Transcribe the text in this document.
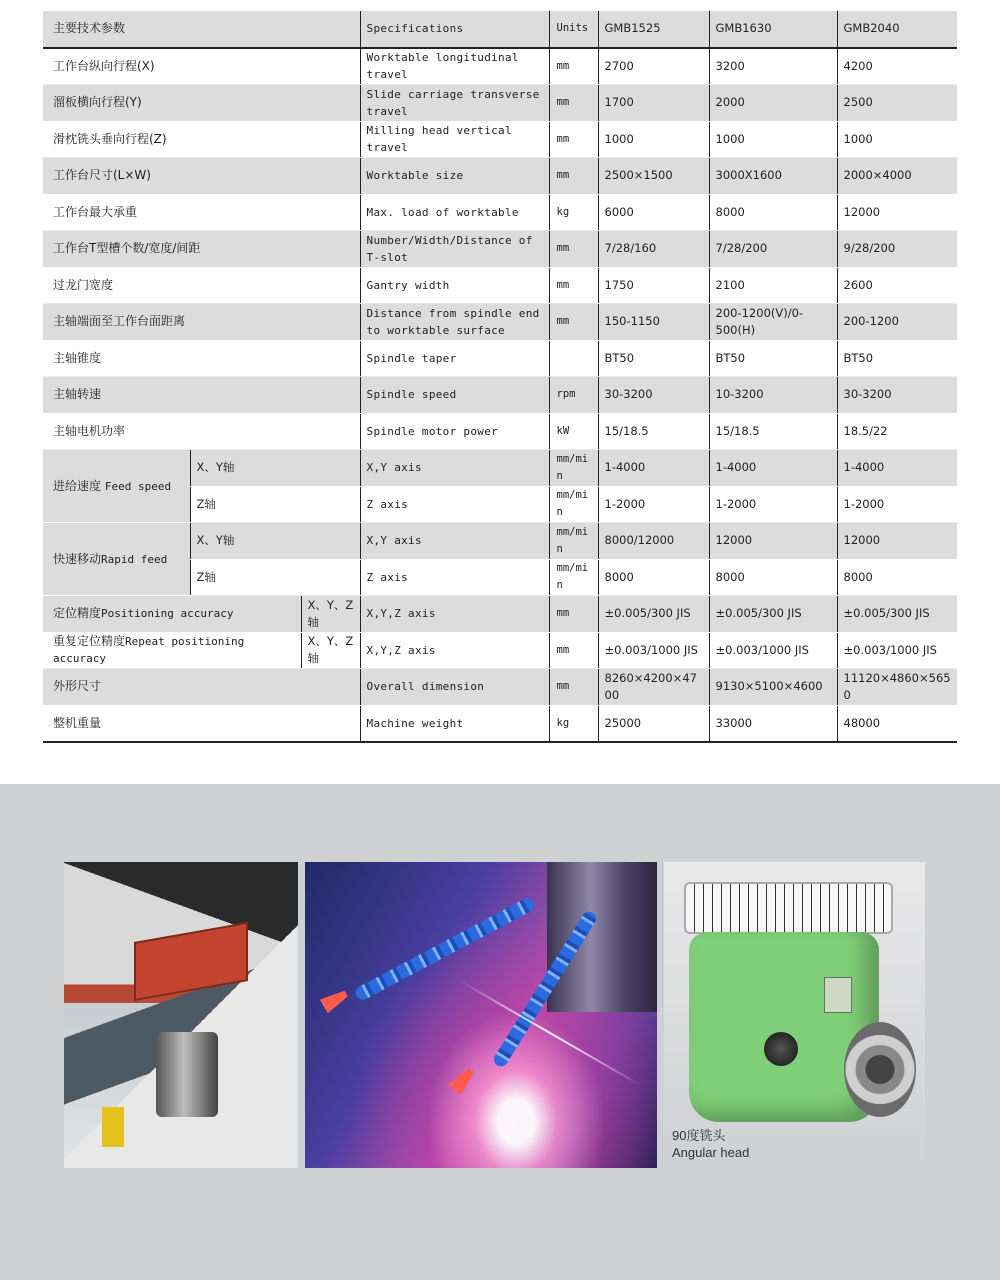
主要技术参数			Specifications	Units	GMB1525	GMB1630	GMB2040
工作台纵向行程(X)			Worktable longitudinal travel	mm	2700	3200	4200
溜板横向行程(Y)			Slide carriage transverse travel	mm	1700	2000	2500
滑枕铣头垂向行程(Z)			Milling head vertical travel	mm	1000	1000	1000
工作台尺寸(L×W)			Worktable size	mm	2500×1500	3000X1600	2000×4000
工作台最大承重			Max. load of worktable	kg	6000	8000	12000
工作台T型槽个数/宽度/间距			Number/Width/Distance of T-slot	mm	7/28/160	7/28/200	9/28/200
过龙门宽度			Gantry width	mm	1750	2100	2600
主轴端面至工作台面距离			Distance from spindle end to worktable surface	mm	150-1150	200-1200(V)/0-500(H)	200-1200
主轴锥度			Spindle taper		BT50	BT50	BT50
主轴转速			Spindle speed	rpm	30-3200	10-3200	30-3200
主轴电机功率			Spindle motor power	kW	15/18.5	15/18.5	18.5/22
进给速度 Feed speed	X、Y轴		X,Y axis	mm/min	1-4000	1-4000	1-4000
	Z轴		Z axis	mm/min	1-2000	1-2000	1-2000
快速移动Rapid feed	X、Y轴		X,Y axis	mm/min	8000/12000	12000	12000
	Z轴		Z axis	mm/min	8000	8000	8000
定位精度Positioning accuracy		X、Y、Z轴	X,Y,Z axis	mm	±0.005/300 JIS	±0.005/300 JIS	±0.005/300 JIS
重复定位精度Repeat positioning accuracy		X、Y、Z轴	X,Y,Z axis	mm	±0.003/1000 JIS	±0.003/1000 JIS	±0.003/1000 JIS
外形尺寸			Overall dimension	mm	8260×4200×4700	9130×5100×4600	11120×4860×5650
整机重量			Machine weight	kg	25000	33000	48000
90度铣头
Angular head
